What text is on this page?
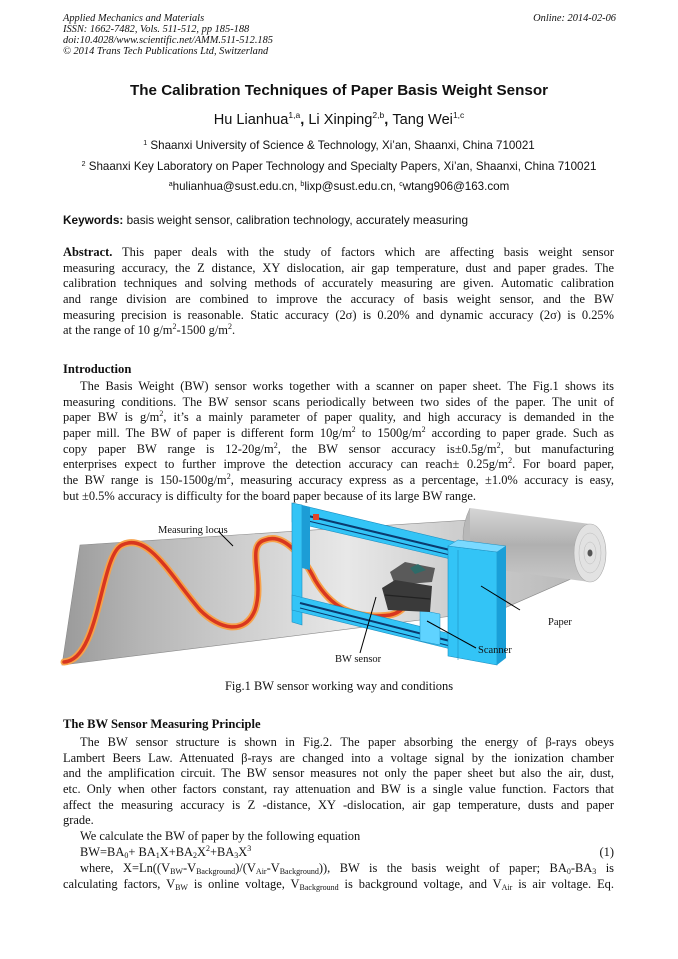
Applied Mechanics and Materials
ISSN: 1662-7482, Vols. 511-512, pp 185-188
doi:10.4028/www.scientific.net/AMM.511-512.185
© 2014 Trans Tech Publications Ltd, Switzerland
Online: 2014-02-06
The Calibration Techniques of Paper Basis Weight Sensor
Hu Lianhua$^{1,a}$, Li Xinping$^{2,b}$, Tang Wei$^{1,c}$
$^1$ Shaanxi University of Science & Technology, Xi’an, Shaanxi, China 710021
$^2$ Shaanxi Key Laboratory on Paper Technology and Specialty Papers, Xi’an, Shaanxi, China 710021
$^a$hulianhua@sust.edu.cn, $^b$lixp@sust.edu.cn, $^c$wtang906@163.com
Keywords: basis weight sensor, calibration technology, accurately measuring
Abstract. This paper deals with the study of factors which are affecting basis weight sensor
measuring accuracy, the Z distance, XY dislocation, air gap temperature, dust and paper grades. The
calibration techniques and solving methods of accurately measuring are given. Automatic calibration
and range division are combined to improve the accuracy of basis weight sensor, and the BW
measuring precision is reasonable. Static accuracy (2σ) is 0.20% and dynamic accuracy (2σ) is 0.25%
at the range of 10 $g/m^2-1500$ $g/m^2$.
Introduction
The Basis Weight (BW) sensor works together with a scanner on paper sheet. The Fig.1 shows its
measuring conditions. The BW sensor scans periodically between two sides of the paper. The unit of
paper BW is $g/m^2$, it’s a mainly parameter of paper quality, and high accuracy is demanded in the
paper mill. The BW of paper is different form $10g/m^2$ to $1500g/m^2$ according to paper grade. Such as
copy paper BW range is $12-20g/m^2$, the BW sensor accuracy $is\pm 0.5g/m^2$, but manufacturing
enterprises expect to further improve the detection accuracy can reach± $0.25g/m^2$. For board paper,
the BW range is $150-1500g/m^2$, measuring accuracy express as a percentage, ±1.0% accuracy is easy,
but ±0.5% accuracy is difficulty for the board paper because of its large BW range.
Measuring locus
BW sensor
Scanner
Paper
Fig.1 BW sensor working way and conditions
The BW Sensor Measuring Principle
The BW sensor structure is shown in Fig.2. The paper absorbing the energy of β-rays obeys
Lambert Beers Law. Attenuated β-rays are changed into a voltage signal by the ionization chamber
and the amplification circuit. The BW sensor measures not only the paper sheet but also the air, dust,
etc. Only when other factors constant, ray attenuation and BW is a single value function. Factors that
affect the measuring accuracy is Z -distance, XY -dislocation, air gap temperature, dusts and paper
grade.
We calculate the BW of paper by the following equation
$BW=BA_0+ BA_1X+BA_2X^2+BA_3X^3$	(1)
where, $X=Ln((V_{BW}-V_{Background})/(V_{Air}-V_{Background}))$, BW is the basis weight of paper; $BA_0-BA_3$ is
calculating factors, $V_{BW}$ is online voltage, $V_{Background}$ is background voltage, and $V_{Air}$ is air voltage. Eq.
